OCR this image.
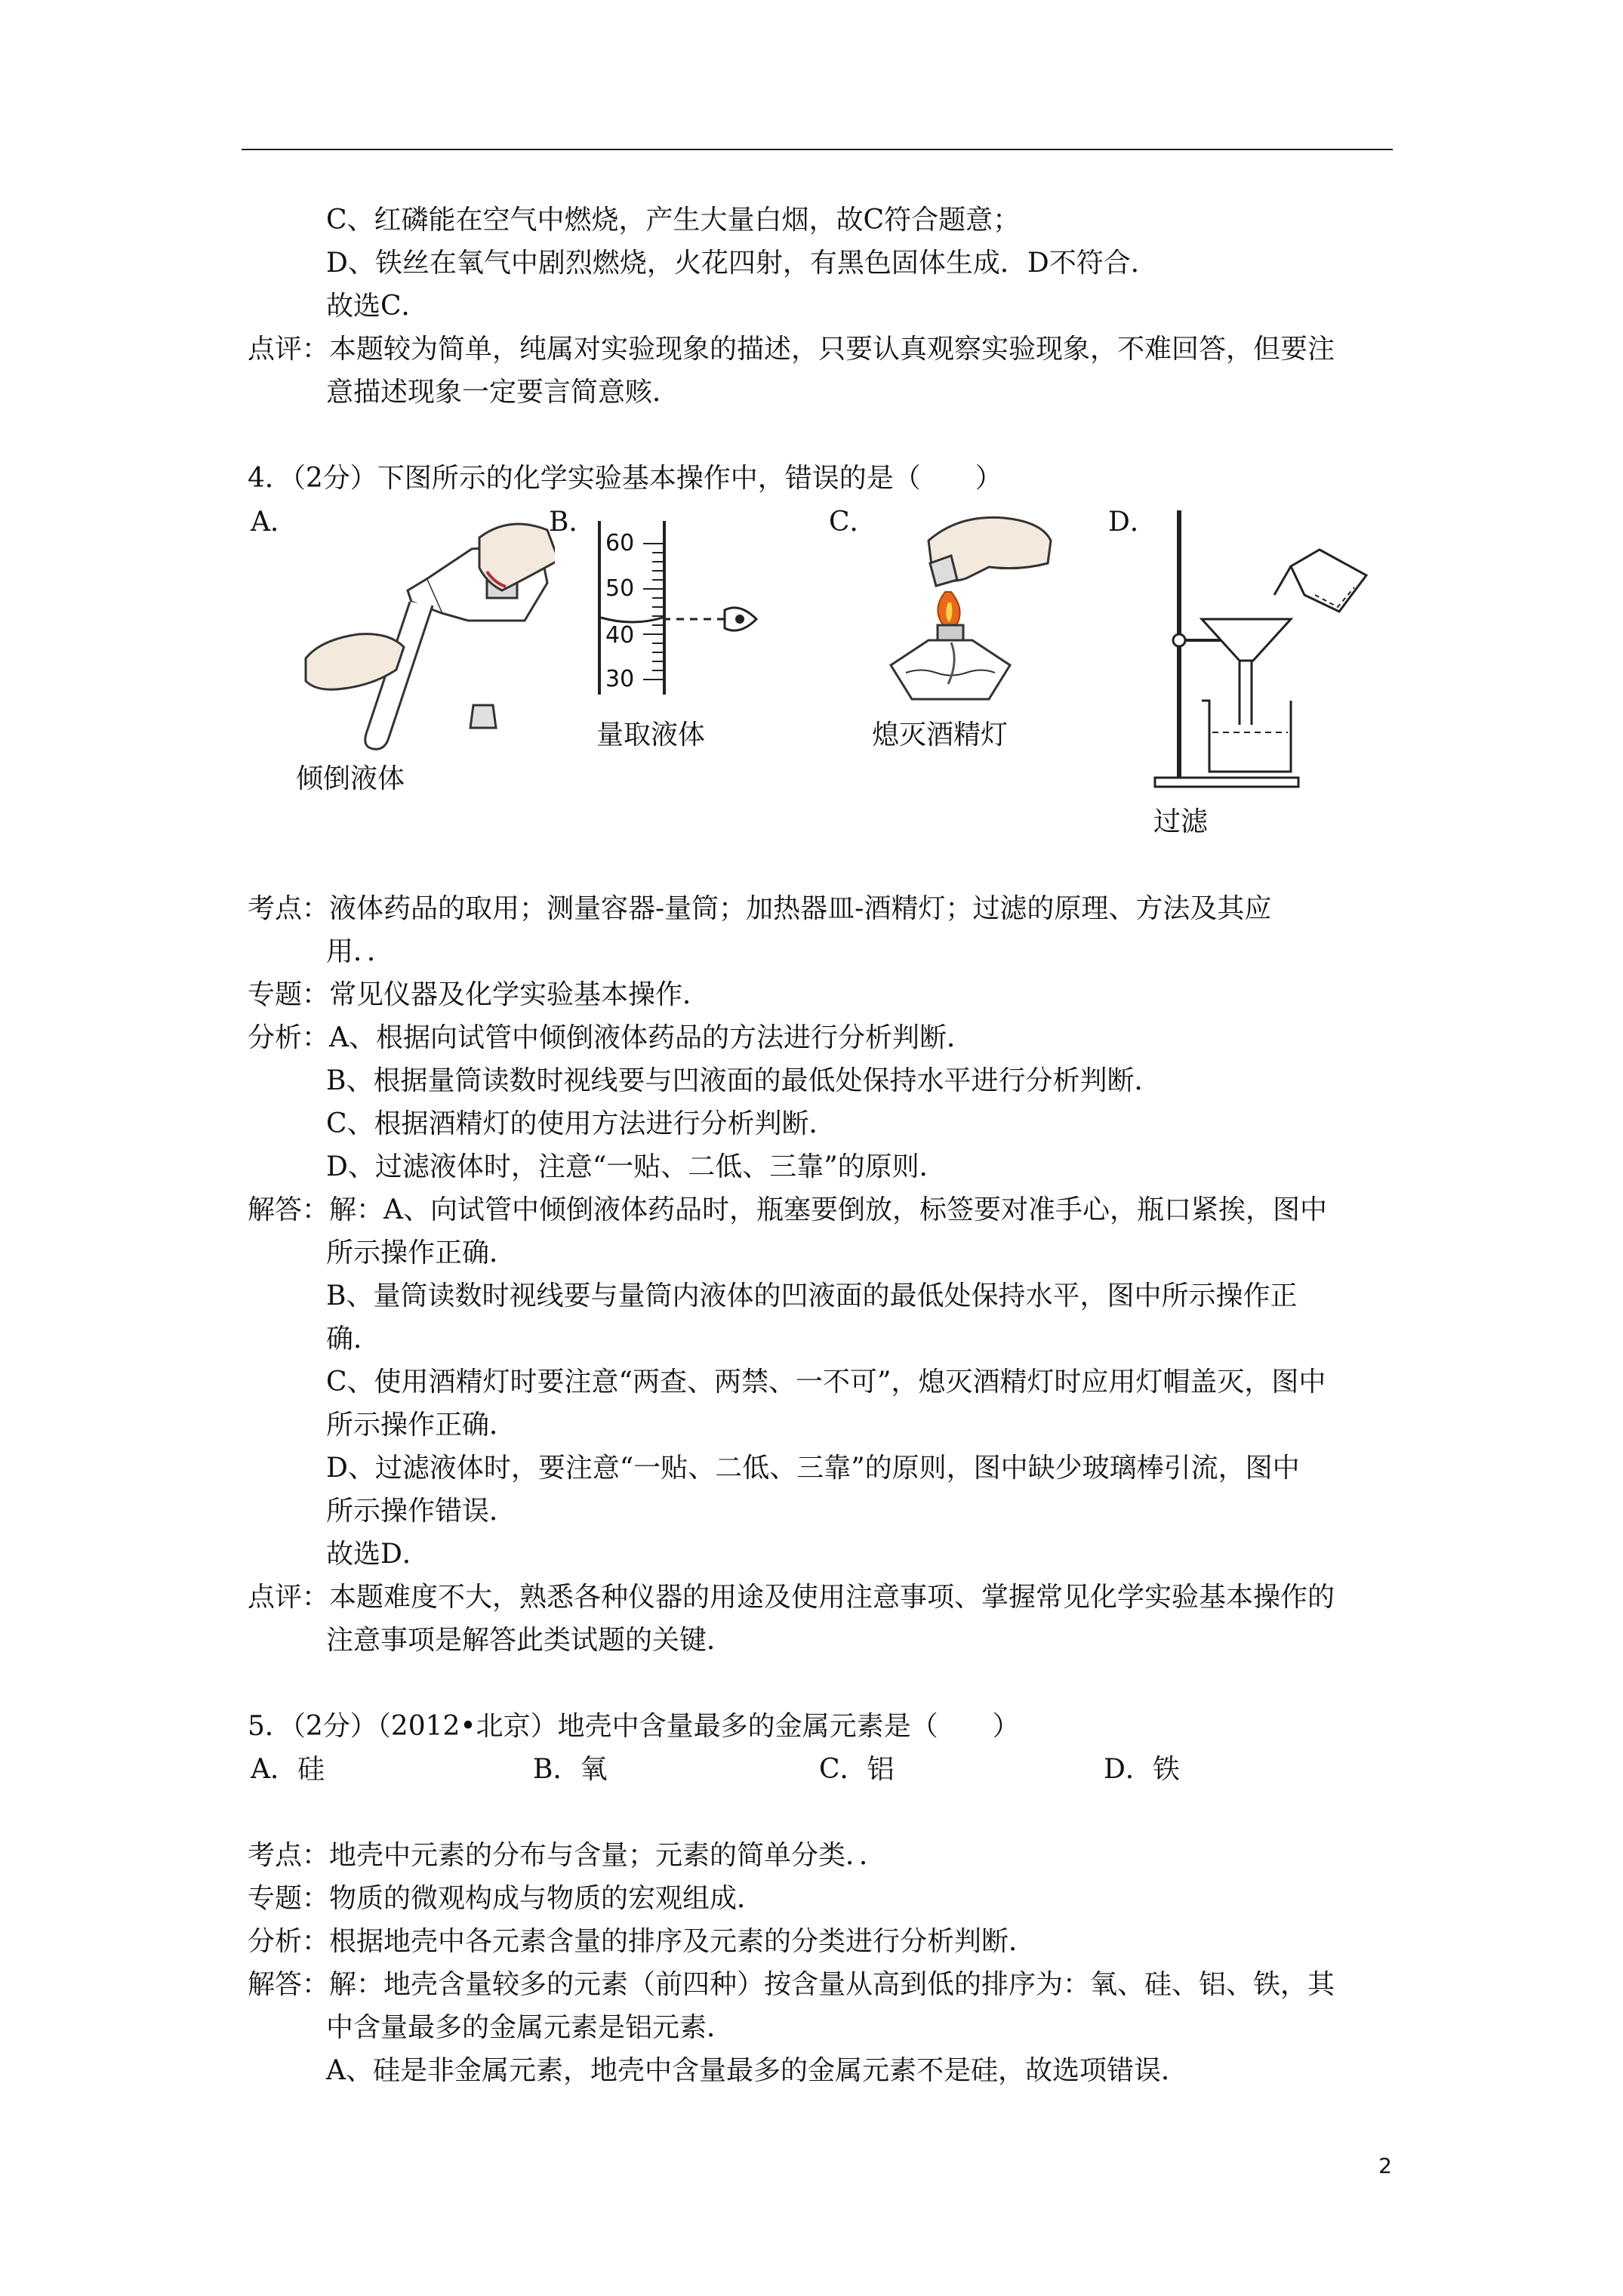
C、红磷能在空气中燃烧，产生大量白烟，故C符合题意；
D、铁丝在氧气中剧烈燃烧，火花四射，有黑色固体生成．D不符合．
故选C．
点评：本题较为简单，纯属对实验现象的描述，只要认真观察实验现象，不难回答，但要注
意描述现象一定要言简意赅．
4．（2分）下图所示的化学实验基本操作中，错误的是（　　）
A．	B．	C．	D．
倾倒液体
60
50
40
30
量取液体	熄灭酒精灯
过滤
考点：液体药品的取用；测量容器-量筒；加热器皿-酒精灯；过滤的原理、方法及其应
用．．
专题：常见仪器及化学实验基本操作．
分析：A、根据向试管中倾倒液体药品的方法进行分析判断．
B、根据量筒读数时视线要与凹液面的最低处保持水平进行分析判断．
C、根据酒精灯的使用方法进行分析判断．
D、过滤液体时，注意“一贴、二低、三靠”的原则．
解答：解：A、向试管中倾倒液体药品时，瓶塞要倒放，标签要对准手心，瓶口紧挨，图中
所示操作正确．
B、量筒读数时视线要与量筒内液体的凹液面的最低处保持水平，图中所示操作正
确．
C、使用酒精灯时要注意“两查、两禁、一不可”，熄灭酒精灯时应用灯帽盖灭，图中
所示操作正确．
D、过滤液体时，要注意“一贴、二低、三靠”的原则，图中缺少玻璃棒引流，图中
所示操作错误．
故选D．
点评：本题难度不大，熟悉各种仪器的用途及使用注意事项、掌握常见化学实验基本操作的
注意事项是解答此类试题的关键．
5．（2分）（2012•北京）地壳中含量最多的金属元素是（　　）
A．硅	B．氧	C．铝	D．铁
考点：地壳中元素的分布与含量；元素的简单分类．．
专题：物质的微观构成与物质的宏观组成．
分析：根据地壳中各元素含量的排序及元素的分类进行分析判断．
解答：解：地壳含量较多的元素（前四种）按含量从高到低的排序为：氧、硅、铝、铁，其
中含量最多的金属元素是铝元素．
A、硅是非金属元素，地壳中含量最多的金属元素不是硅，故选项错误．
2
